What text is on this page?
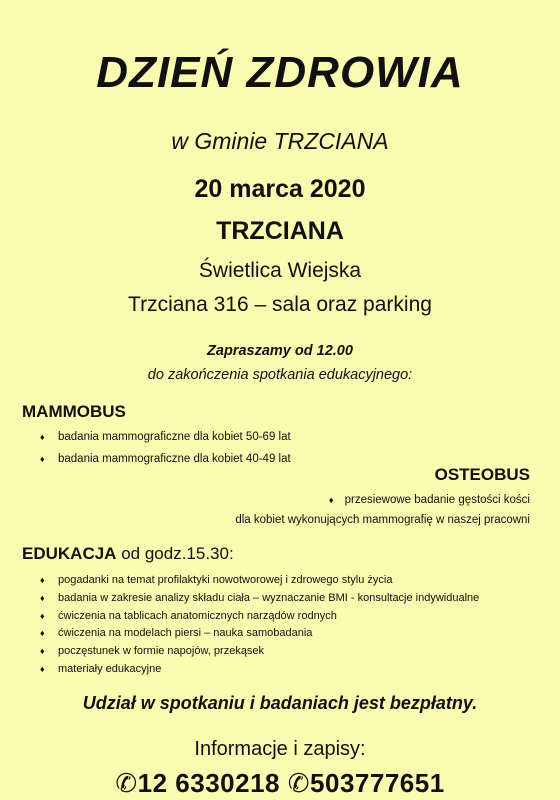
DZIEŃ ZDROWIA
w Gminie TRZCIANA
20 marca 2020
TRZCIANA
Świetlica Wiejska
Trzciana 316 – sala oraz parking
Zapraszamy od 12.00
do zakończenia spotkania edukacyjnego:
MAMMOBUS
♦ badania mammograficzne dla kobiet 50-69 lat
♦ badania mammograficzne dla kobiet 40-49 lat
OSTEOBUS
♦ przesiewowe badanie gęstości kości
dla kobiet wykonujących mammografię w naszej pracowni
EDUKACJA od godz.15.30:
♦ pogadanki na temat profilaktyki nowotworowej i zdrowego stylu życia
♦ badania w zakresie analizy składu ciała – wyznaczanie BMI - konsultacje indywidualne
♦ ćwiczenia na tablicach anatomicznych narządów rodnych
♦ ćwiczenia na modelach piersi – nauka samobadania
♦ poczęstunek w formie napojów, przekąsek
♦ materiały edukacyjne
Udział w spotkaniu i badaniach jest bezpłatny.
Informacje i zapisy:
✆12 6330218 ✆503777651
